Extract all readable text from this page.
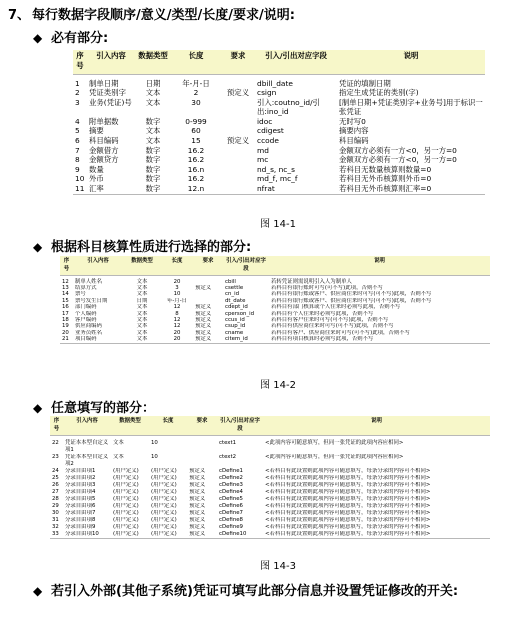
7、 每行数据字段顺序/意义/类型/长度/要求/说明:
◆ 必有部分:
序号	引入内容	数据类型	长度	要求	引入/引出对应字段	说明
1	制单日期	日期	年-月-日		dbill_date	凭证的填制日期
2	凭证类别字	文本	2	预定义	csign	指定生成凭证的类别(字)
3	业务(凭证)号	文本	30		引入:coutno_id/引出:ino_id	[制单日期+凭证类别字+业务号]用于标识一张凭证
4	附单据数	数字	0-999		idoc	无时写0
5	摘要	文本	60		cdigest	摘要内容
6	科目编码	文本	15	预定义	ccode	科目编码
7	金额借方	数字	16.2		md	金额双方必须有一方<0，另一方=0
8	金额贷方	数字	16.2		mc	金额双方必须有一方<0，另一方=0
9	数量	数字	16.n		nd_s, nc_s	若科目无数量核算则数量=0
10	外币	数字	16.2		md_f, mc_f	若科目无外币核算则外币=0
11	汇率	数字	12.n		nfrat	若科目无外币核算则汇率=0
图 14-1
◆ 根据科目核算性质进行选择的部分:
序号	引入内容	数据类型	长度	要求	引入/引出对应字段	说明
12	制单人姓名	文本	20		cbill	若转凭证则需说明引入人为制单人
13	结算方式	文本	3	预定义	csettle	若科目有银行账时可写(可不写)此项，否则不写
14	票号	文本	10		cn_id	若科目有银行账或客户、供应商往来时可写(可不写)此项，否则不写
15	票号发生日期	日期	年-月-日		dt_date	若科目有银行账或客户、供应商往来时可写(可不写)此项，否则不写
16	部门编码	文本	12	预定义	cdept_id	若科目有部门核算或个人往来时必须写此项，否则不写
17	个人编码	文本	8	预定义	cperson_id	若科目有个人往来时必须写此项，否则不写
18	客户编码	文本	12	预定义	ccus_id	若科目有客户往来时可写(可不写)此项，否则不写
19	供应商编码	文本	12	预定义	csup_id	若科目有供应商往来时可写(可不写)此项，否则不写
20	业务员姓名	文本	20	预定义	cname	若科目有客户、供应商往来时可写(可不写)此项，否则不写
21	项目编码	文本	20	预定义	citem_id	若科目有项目核算时必须写此项，否则不写
图 14-2
◆ 任意填写的部分：
序号	引入内容	数据类型	长度	要求	引入/引出对应字段	说明
22	凭证本本型自定义项1	文本	10		ctext1	<此项内容可随意填写，但同一张凭证的此项内容应相同>
23	凭证本本型自定义项2	文本	10		ctext2	<此项内容可随意填写，但同一张凭证的此项内容应相同>
24	分录自由项1	(用户定义)	(用户定义)	预定义	cDefine1	<若科目有此设置则此项内容可随意填写，每条分录的内容可不相同>
25	分录自由项2	(用户定义)	(用户定义)	预定义	cDefine2	<若科目有此设置则此项内容可随意填写，每条分录的内容可不相同>
26	分录自由项3	(用户定义)	(用户定义)	预定义	cDefine3	<若科目有此设置则此项内容可随意填写，每条分录的内容可不相同>
27	分录自由项4	(用户定义)	(用户定义)	预定义	cDefine4	<若科目有此设置则此项内容可随意填写，每条分录的内容可不相同>
28	分录自由项5	(用户定义)	(用户定义)	预定义	cDefine5	<若科目有此设置则此项内容可随意填写，每条分录的内容可不相同>
29	分录自由项6	(用户定义)	(用户定义)	预定义	cDefine6	<若科目有此设置则此项内容可随意填写，每条分录的内容可不相同>
30	分录自由项7	(用户定义)	(用户定义)	预定义	cDefine7	<若科目有此设置则此项内容可随意填写，每条分录的内容可不相同>
31	分录自由项8	(用户定义)	(用户定义)	预定义	cDefine8	<若科目有此设置则此项内容可随意填写，每条分录的内容可不相同>
32	分录自由项9	(用户定义)	(用户定义)	预定义	cDefine9	<若科目有此设置则此项内容可随意填写，每条分录的内容可不相同>
33	分录自由项10	(用户定义)	(用户定义)	预定义	cDefine10	<若科目有此设置则此项内容可随意填写，每条分录的内容可不相同>
图 14-3
◆ 若引入外部(其他子系统)凭证可填写此部分信息并设置凭证修改的开关:
